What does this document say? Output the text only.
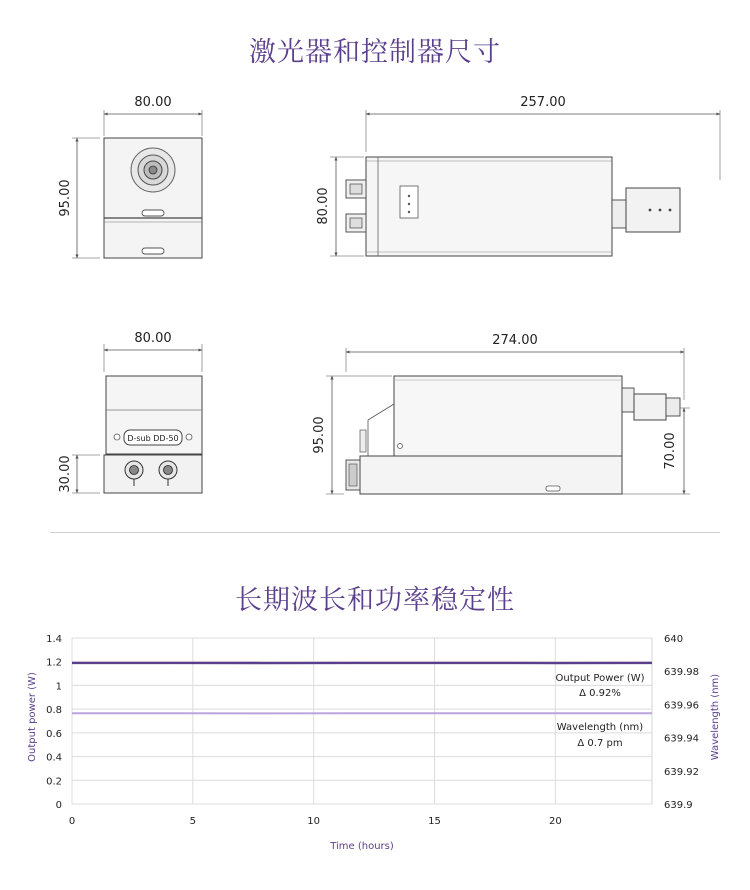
激光器和控制器尺寸
80.00
95.00
257.00
80.00
80.00
30.00
D-sub DD-50
274.00
95.00	70.00
长期波长和功率稳定性
0
0.2
0.4
0.6
0.8
1
1.2
1.4
0	5	10	15	20
639.9
639.92
639.94
639.96
639.98
640
Output Power (W)
Δ 0.92%
Wavelength (nm)
Δ 0.7 pm
Time (hours)
Output power (W)	Wavelength (nm)
